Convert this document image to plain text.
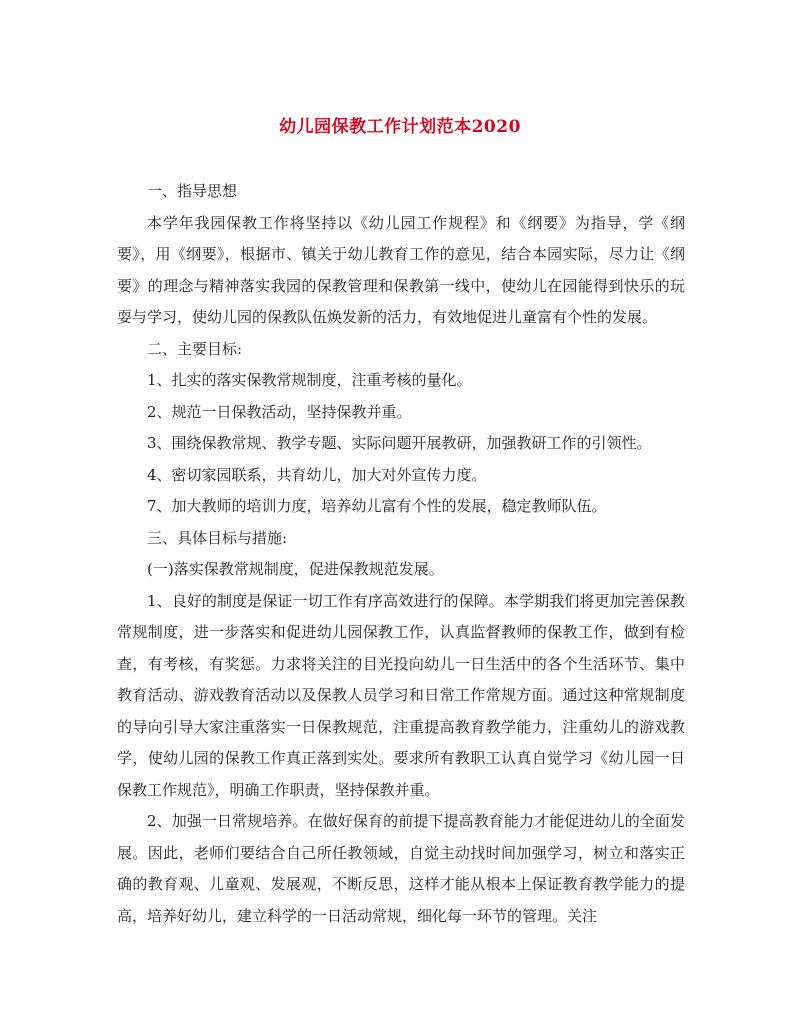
幼儿园保教工作计划范本2020

一、指导思想

本学年我园保教工作将坚持以《幼儿园工作规程》和《纲要》为指导，学《纲要》，用《纲要》，根据市、镇关于幼儿教育工作的意见，结合本园实际，尽力让《纲要》的理念与精神落实我园的保教管理和保教第一线中，使幼儿在园能得到快乐的玩耍与学习，使幼儿园的保教队伍焕发新的活力，有效地促进儿童富有个性的发展。

二、主要目标:

1、扎实的落实保教常规制度，注重考核的量化。

2、规范一日保教活动，坚持保教并重。

3、围绕保教常规、教学专题、实际问题开展教研，加强教研工作的引领性。

4、密切家园联系，共育幼儿，加大对外宣传力度。

7、加大教师的培训力度，培养幼儿富有个性的发展，稳定教师队伍。

三、具体目标与措施:

(一)落实保教常规制度，促进保教规范发展。

1、良好的制度是保证一切工作有序高效进行的保障。本学期我们将更加完善保教常规制度，进一步落实和促进幼儿园保教工作，认真监督教师的保教工作，做到有检查，有考核，有奖惩。力求将关注的目光投向幼儿一日生活中的各个生活环节、集中教育活动、游戏教育活动以及保教人员学习和日常工作常规方面。通过这种常规制度的导向引导大家注重落实一日保教规范，注重提高教育教学能力，注重幼儿的游戏教学，使幼儿园的保教工作真正落到实处。要求所有教职工认真自觉学习《幼儿园一日保教工作规范》，明确工作职责，坚持保教并重。

2、加强一日常规培养。在做好保育的前提下提高教育能力才能促进幼儿的全面发展。因此，老师们要结合自己所任教领域，自觉主动找时间加强学习，树立和落实正确的教育观、儿童观、发展观，不断反思，这样才能从根本上保证教育教学能力的提高，培养好幼儿，建立科学的一日活动常规，细化每一环节的管理。关注
